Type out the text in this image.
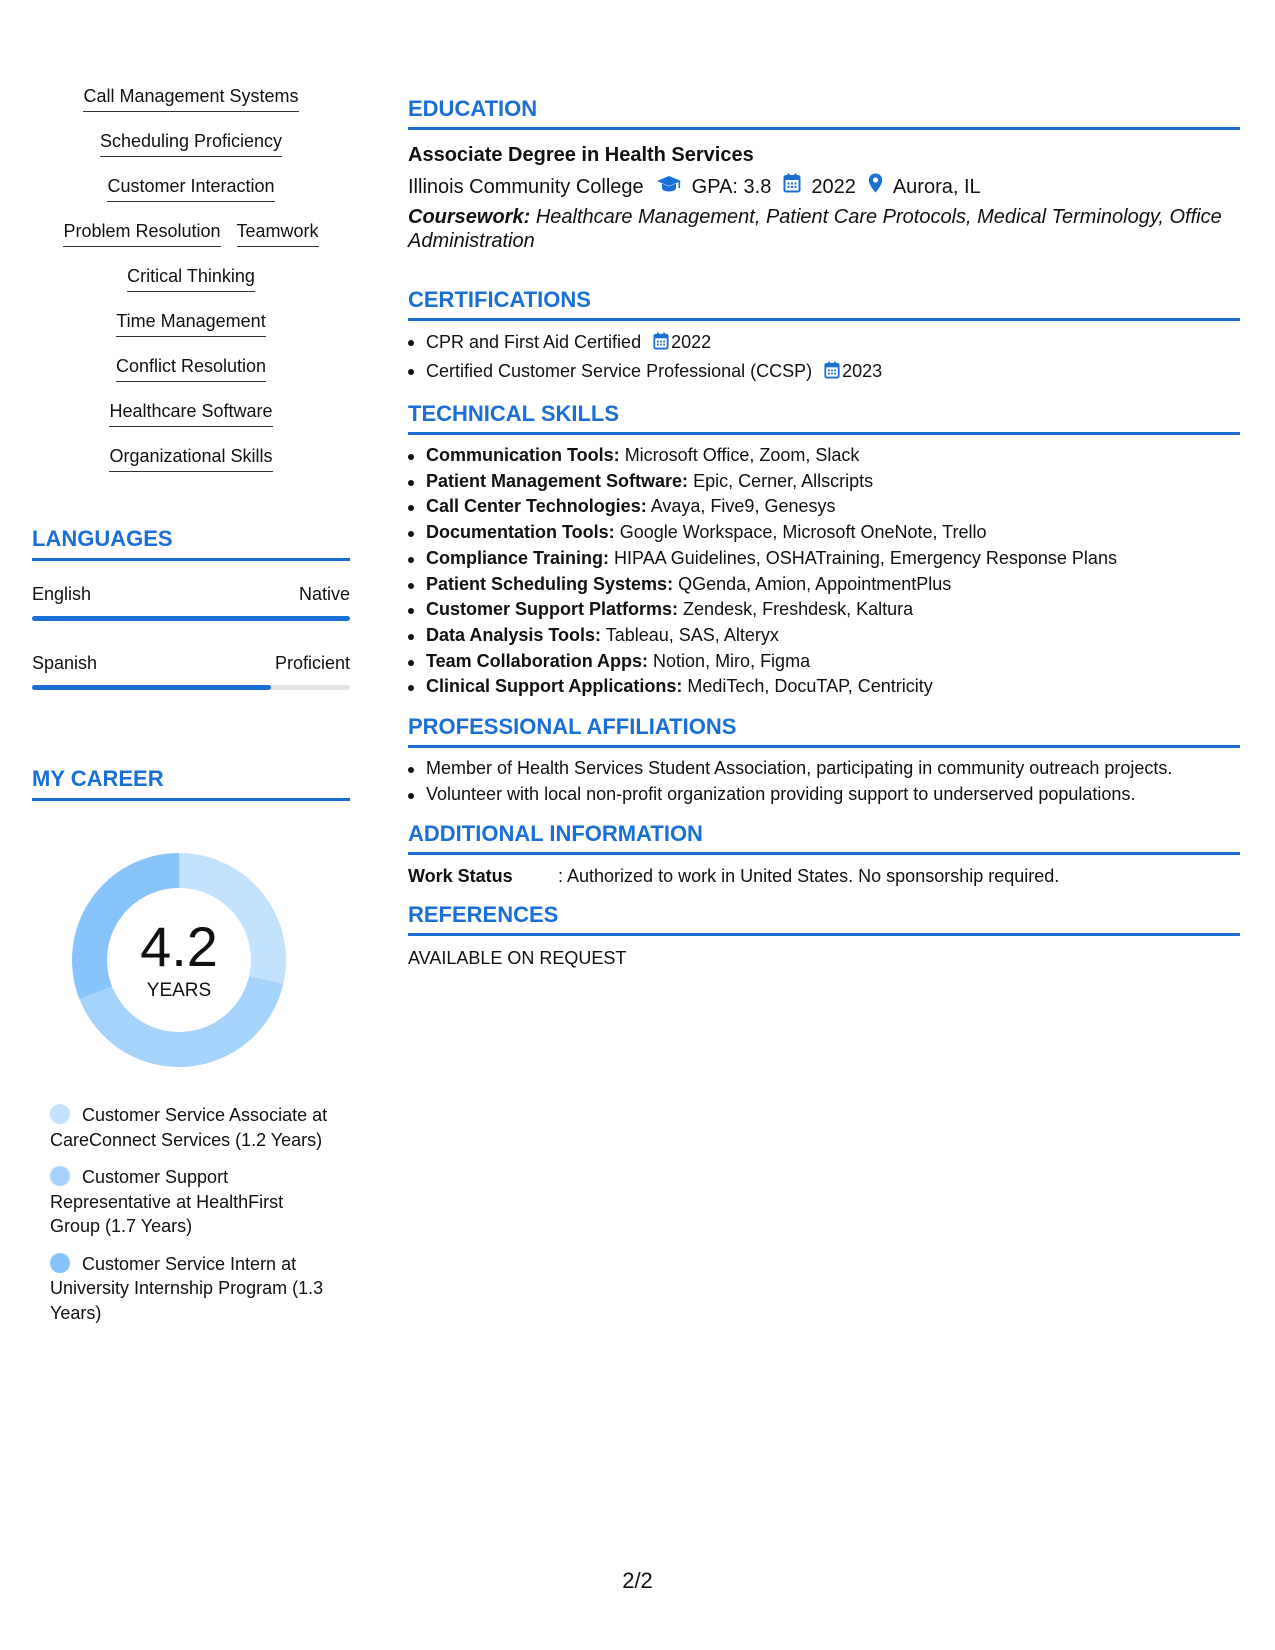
Call Management Systems
Scheduling Proficiency
Customer Interaction
Problem Resolution Teamwork
Critical Thinking
Time Management
Conflict Resolution
Healthcare Software
Organizational Skills
LANGUAGES
English	Native
Spanish	Proficient
MY CAREER
4.2
YEARS
Customer Service Associate at CareConnect Services (1.2 Years)
Customer Support Representative at HealthFirst Group (1.7 Years)
Customer Service Intern at University Internship Program (1.3 Years)
EDUCATION
Associate Degree in Health Services
Illinois Community College GPA: 3.8 2022 Aurora, IL
Coursework: Healthcare Management, Patient Care Protocols, Medical Terminology, Office Administration
CERTIFICATIONS
CPR and First Aid Certified 2022
Certified Customer Service Professional (CCSP) 2023
TECHNICAL SKILLS
Communication Tools: Microsoft Office, Zoom, Slack
Patient Management Software: Epic, Cerner, Allscripts
Call Center Technologies: Avaya, Five9, Genesys
Documentation Tools: Google Workspace, Microsoft OneNote, Trello
Compliance Training: HIPAA Guidelines, OSHATraining, Emergency Response Plans
Patient Scheduling Systems: QGenda, Amion, AppointmentPlus
Customer Support Platforms: Zendesk, Freshdesk, Kaltura
Data Analysis Tools: Tableau, SAS, Alteryx
Team Collaboration Apps: Notion, Miro, Figma
Clinical Support Applications: MediTech, DocuTAP, Centricity
PROFESSIONAL AFFILIATIONS
Member of Health Services Student Association, participating in community outreach projects.
Volunteer with local non-profit organization providing support to underserved populations.
ADDITIONAL INFORMATION
Work Status	: Authorized to work in United States. No sponsorship required.
REFERENCES
AVAILABLE ON REQUEST
2/2
